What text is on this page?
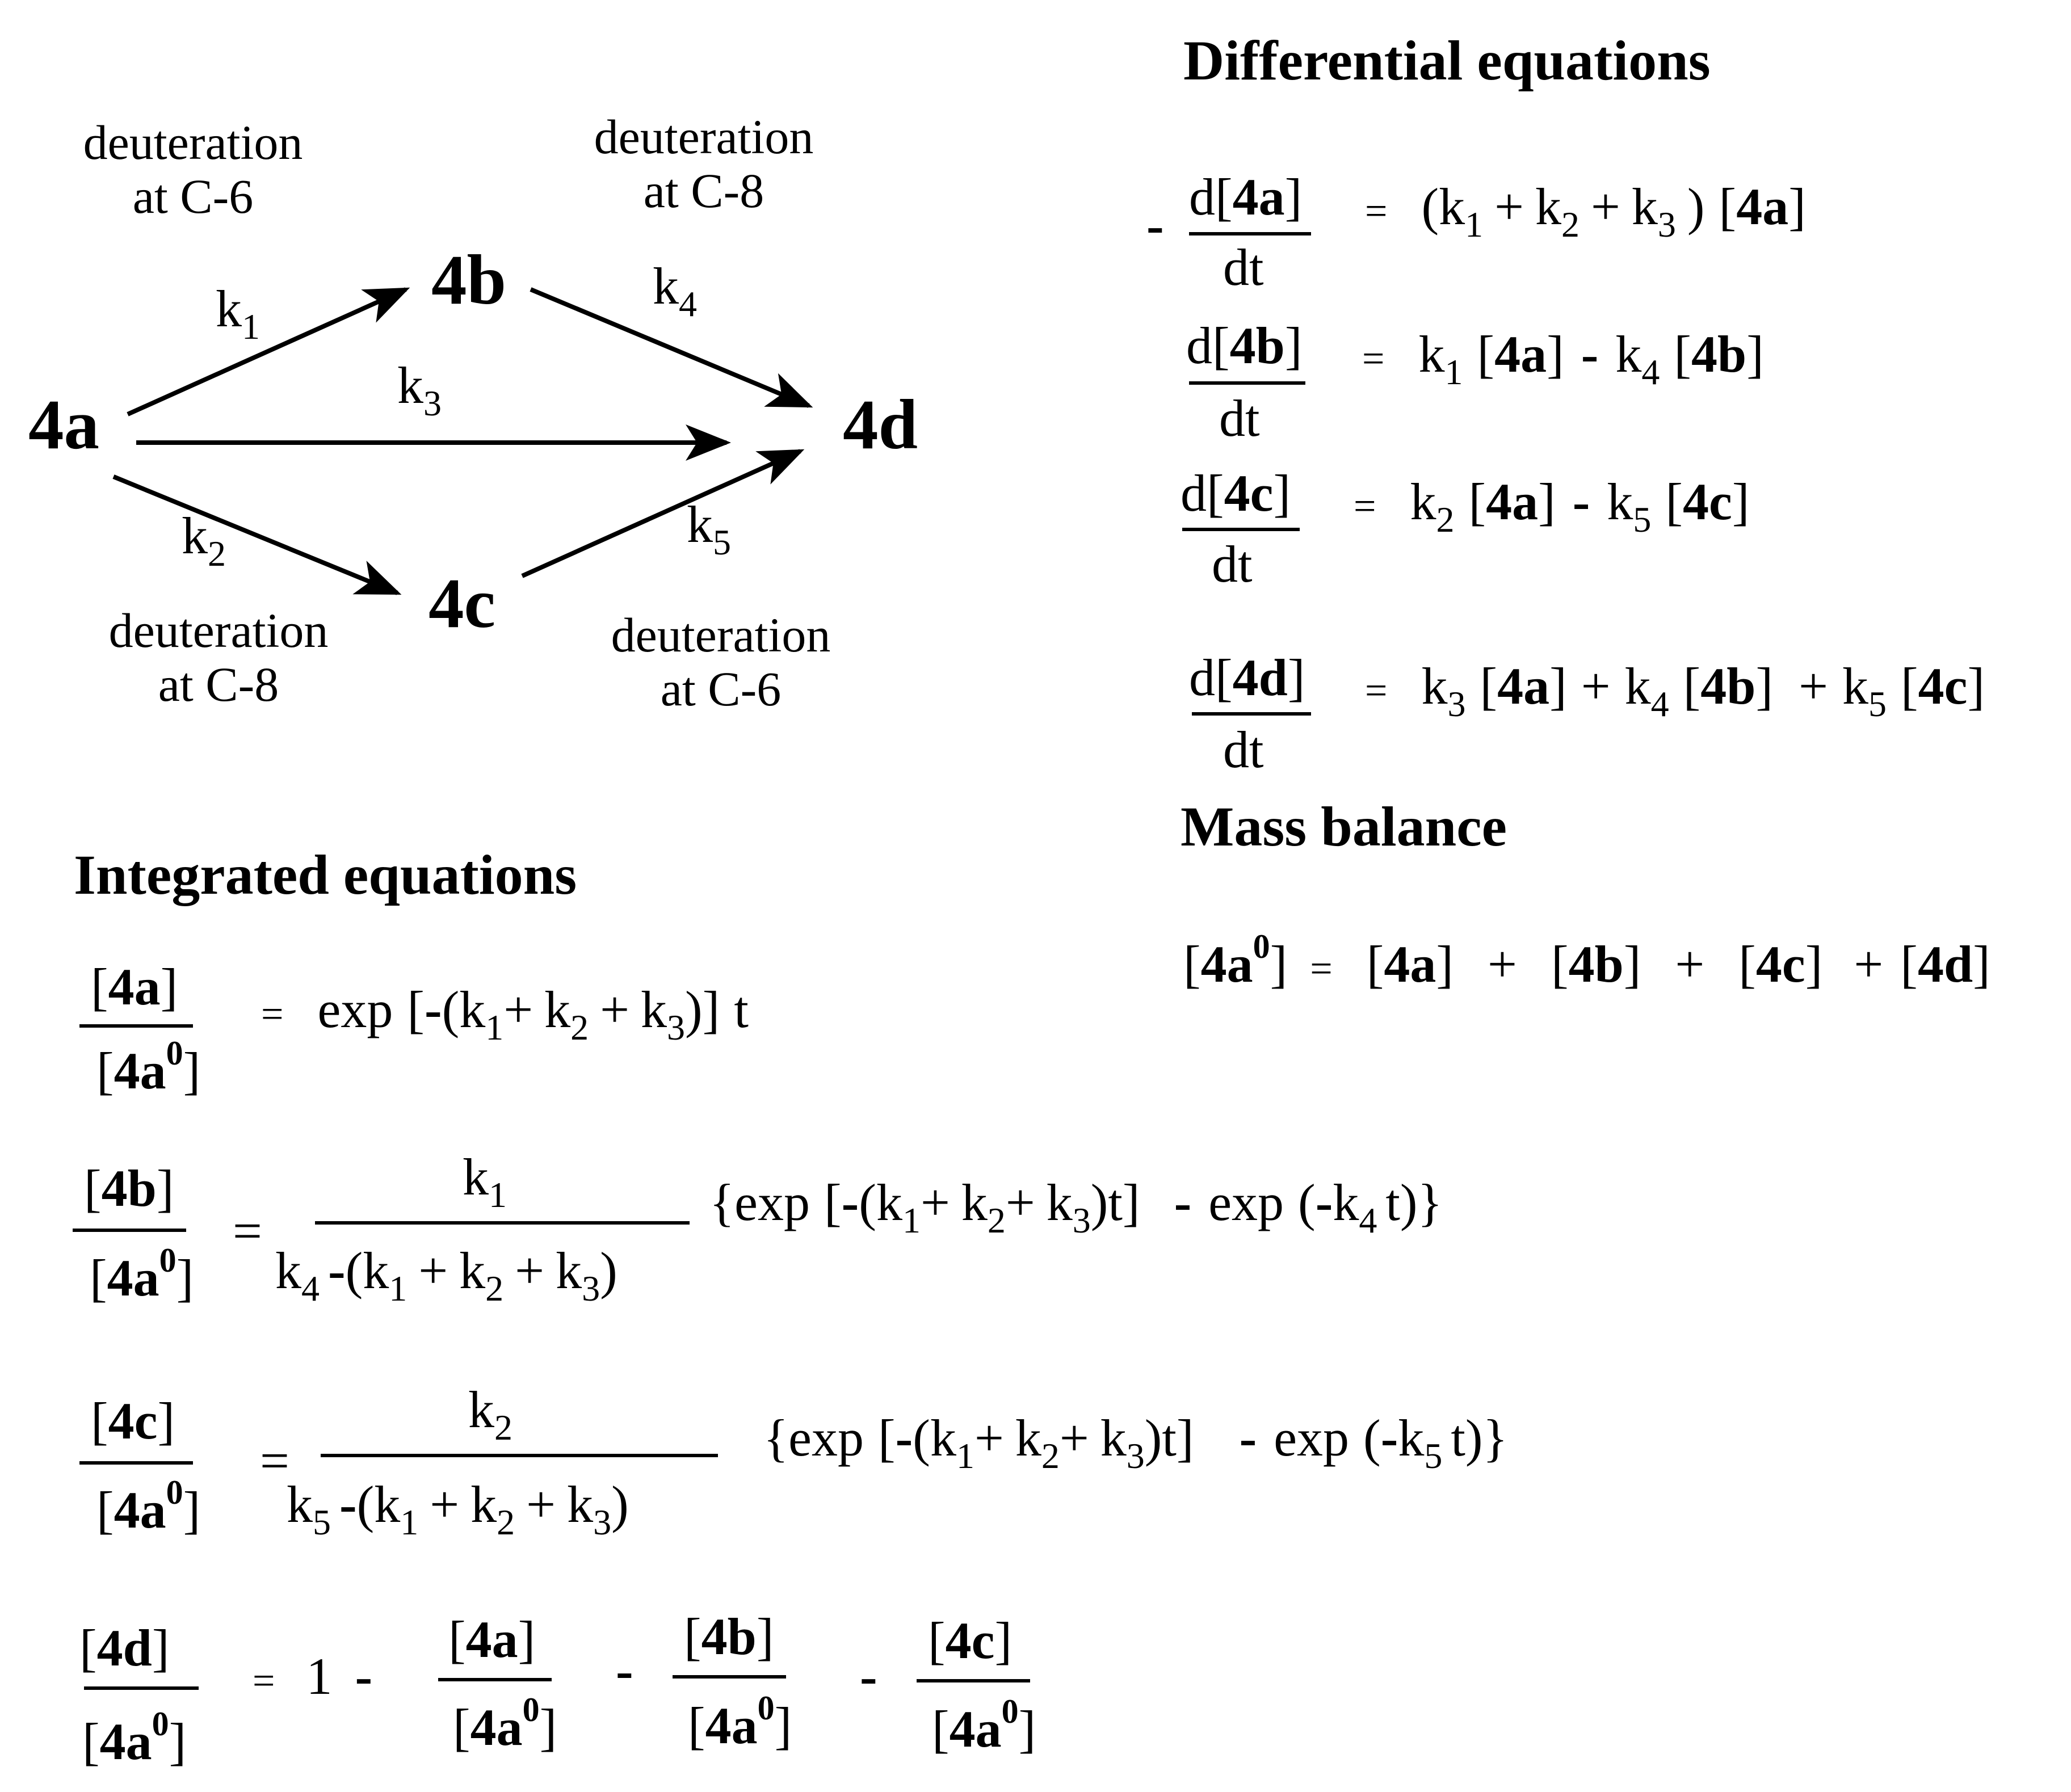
deuteration at C-6
deuteration at C-8
deuteration at C-8
deuteration at C-6
4a
4b
4c
4d
$k_1$
$k_3$
$k_2$
$k_4$
$k_5$
Differential equations
- d[4a]
dt
= ($k_1 + k_2 + k_3$ ) [4a]
d[4b]
dt
= $k_1$ $[4a] - k_4$ [4b]
d[4c]
dt
= $k_2$ $[4a] - k_5$ [4c]
d[4d]
dt
= $k_3$ $[4a] + k_4$ $[4b] + k_5$ [4c]
Mass balance
$[4a^0] = [4a] + [4b] + [4c] + [4d]$
Integrated equations
[4a]
$[4a^0]$
= $\exp [-(k_1+ k_2 + k_3)]$ t
[4b]
$[4a^0]$
=
$k_1$
$k_4$ $-(k_1 + k_2 + k_3)$
{exp $[-(k_1+ k_2+ k_3)t] - \exp (-k_4$ t)}
[4c]
$[4a^0]$
=
$k_2$
$k_5$ $-(k_1 + k_2 + k_3)$
{exp $[-(k_1+ k_2+ k_3)t] - \exp (-k_5$ t)}
[4d]
$[4a^0]$
= 1 -
[4a]
$[4a^0]$
-
[4b]
$[4a^0]$
-
[4c]
$[4a^0]$
